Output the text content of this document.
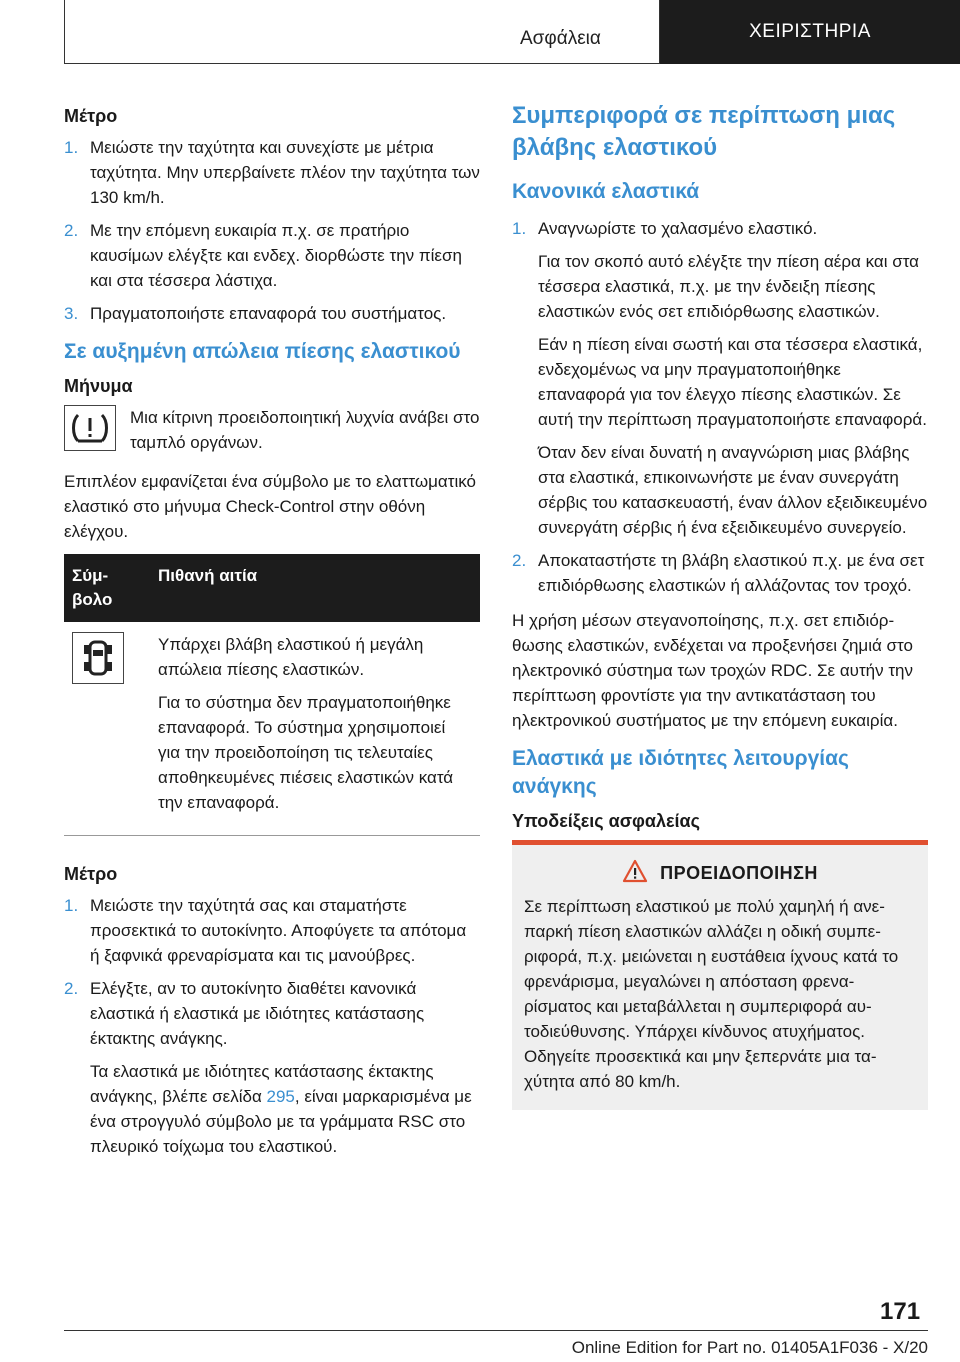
Ασφάλεια	ΧΕΙΡΙΣΤΗΡΙΑ
Μέτρο
1. Μειώστε την ταχύτητα και συνεχίστε με μέτρια ταχύτητα. Μην υπερβαίνετε πλέον την ταχύτητα των 130 km/h.
2. Με την επόμενη ευκαιρία π.χ. σε πρατήριο καυσίμων ελέγξτε και ενδεχ. διορθώστε την πίεση και στα τέσσερα λάστιχα.
3. Πραγματοποιήστε επαναφορά του συστήματος.
Σε αυξημένη απώλεια πίεσης ελαστικού
Μήνυμα
Μια κίτρινη προειδοποιητική λυχνία ανάβει στο ταμπλό οργάνων.

Επιπλέον εμφανίζεται ένα σύμβολο με το ελαττωματικό ελαστικό στο μήνυμα Check-Control στην οθόνη ελέγχου.

Σύμβολο	Πιθανή αιτία

Υπάρχει βλάβη ελαστικού ή μεγάλη απώλεια πίεσης ελαστικών.

Για το σύστημα δεν πραγματοποιήθηκε επαναφορά. Το σύστημα χρησιμοποιεί για την προειδοποίηση τις τελευταίες αποθηκευμένες πιέσεις ελαστικών κατά την επαναφορά.

Μέτρο
1. Μειώστε την ταχύτητά σας και σταματήστε προσεκτικά το αυτοκίνητο. Αποφύγετε τα απότομα ή ξαφνικά φρεναρίσματα και τις μανούβρες.
2. Ελέγξτε, αν το αυτοκίνητο διαθέτει κανονικά ελαστικά ή ελαστικά με ιδιότητες κατάστασης έκτακτης ανάγκης.

Τα ελαστικά με ιδιότητες κατάστασης έκτακτης ανάγκης, βλέπε σελίδα 295, είναι μαρκαρισμένα με ένα στρογγυλό σύμβολο με τα γράμματα RSC στο πλευρικό τοίχωμα του ελαστικού.

Συμπεριφορά σε περίπτωση μιας βλάβης ελαστικού
Κανονικά ελαστικά
1. Αναγνωρίστε το χαλασμένο ελαστικό.

Για τον σκοπό αυτό ελέγξτε την πίεση αέρα και στα τέσσερα ελαστικά, π.χ. με την ένδειξη πίεσης ελαστικών ενός σετ επιδιόρθωσης ελαστικών.

Εάν η πίεση είναι σωστή και στα τέσσερα ελαστικά, ενδεχομένως να μην πραγματοποιήθηκε επαναφορά για τον έλεγχο πίεσης ελαστικών. Σε αυτή την περίπτωση πραγματοποιήστε επαναφορά.

Όταν δεν είναι δυνατή η αναγνώριση μιας βλάβης στα ελαστικά, επικοινωνήστε με έναν συνεργάτη σέρβις του κατασκευαστή, έναν άλλον εξειδικευμένο συνεργάτη σέρβις ή ένα εξειδικευμένο συνεργείο.

2. Αποκαταστήστε τη βλάβη ελαστικού π.χ. με ένα σετ επιδιόρθωσης ελαστικών ή αλλάζοντας τον τροχό.

Η χρήση μέσων στεγανοποίησης, π.χ. σετ επιδιόρθωσης ελαστικών, ενδέχεται να προξενήσει ζημιά στο ηλεκτρονικό σύστημα των τροχών RDC. Σε αυτήν την περίπτωση φροντίστε για την αντικατάσταση του ηλεκτρονικού συστήματος με την επόμενη ευκαιρία.

Ελαστικά με ιδιότητες λειτουργίας ανάγκης
Υποδείξεις ασφαλείας
ΠΡΟΕΙΔΟΠΟΙΗΣΗ

Σε περίπτωση ελαστικού με πολύ χαμηλή ή ανεπαρκή πίεση ελαστικών αλλάζει η οδική συμπεριφορά, π.χ. μειώνεται η ευστάθεια ίχνους κατά το φρενάρισμα, μεγαλώνει η απόσταση φρεναρίσματος και μεταβάλλεται η συμπεριφορά αυτοδιεύθυνσης. Υπάρχει κίνδυνος ατυχήματος. Οδηγείτε προσεκτικά και μην ξεπερνάτε μια ταχύτητα από 80 km/h.

171
Online Edition for Part no. 01405A1F036 - X/20
